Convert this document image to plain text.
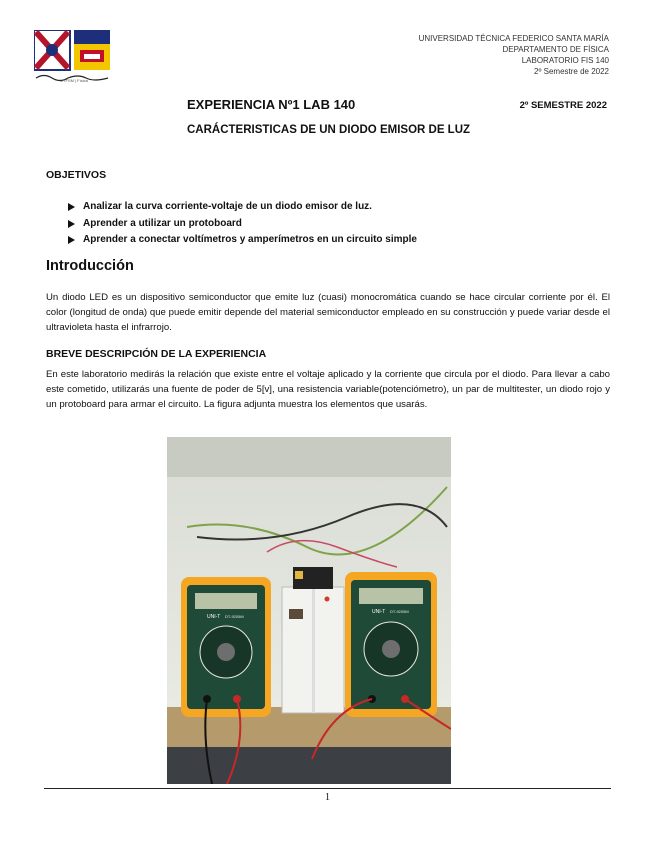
UTFSM | Física
UNIVERSIDAD TÉCNICA FEDERICO SANTA MARÍA
DEPARTAMENTO DE FÍSICA
LABORATORIO FIS 140
2º Semestre de 2022
EXPERIENCIA Nº1 LAB 140	2º SEMESTRE 2022
CARÁCTERISTICAS DE UN DIODO EMISOR DE LUZ
OBJETIVOS
Analizar la curva corriente-voltaje de un diodo emisor de luz.
Aprender a utilizar un protoboard
Aprender a conectar voltímetros y amperímetros en un circuito simple
Introducción

Un diodo LED es un dispositivo semiconductor que emite luz (cuasi) monocromática cuando se hace circular corriente por él. El color (longitud de onda) que puede emitir depende del material semiconductor empleado en su construcción y puede variar desde el ultravioleta hasta el infrarrojo.

BREVE DESCRIPCIÓN DE LA EXPERIENCIA

En este laboratorio medirás la relación que existe entre el voltaje aplicado y la corriente que circula por el diodo. Para llevar a cabo este cometido, utilizarás una fuente de poder de 5[v], una resistencia variable(potenciómetro), un par de multitester, un diodo rojo y un protoboard para armar el circuito. La figura adjunta muestra los elementos que usarás.

UNI-T DT-9205M
UNI-T DT-9205M
1
